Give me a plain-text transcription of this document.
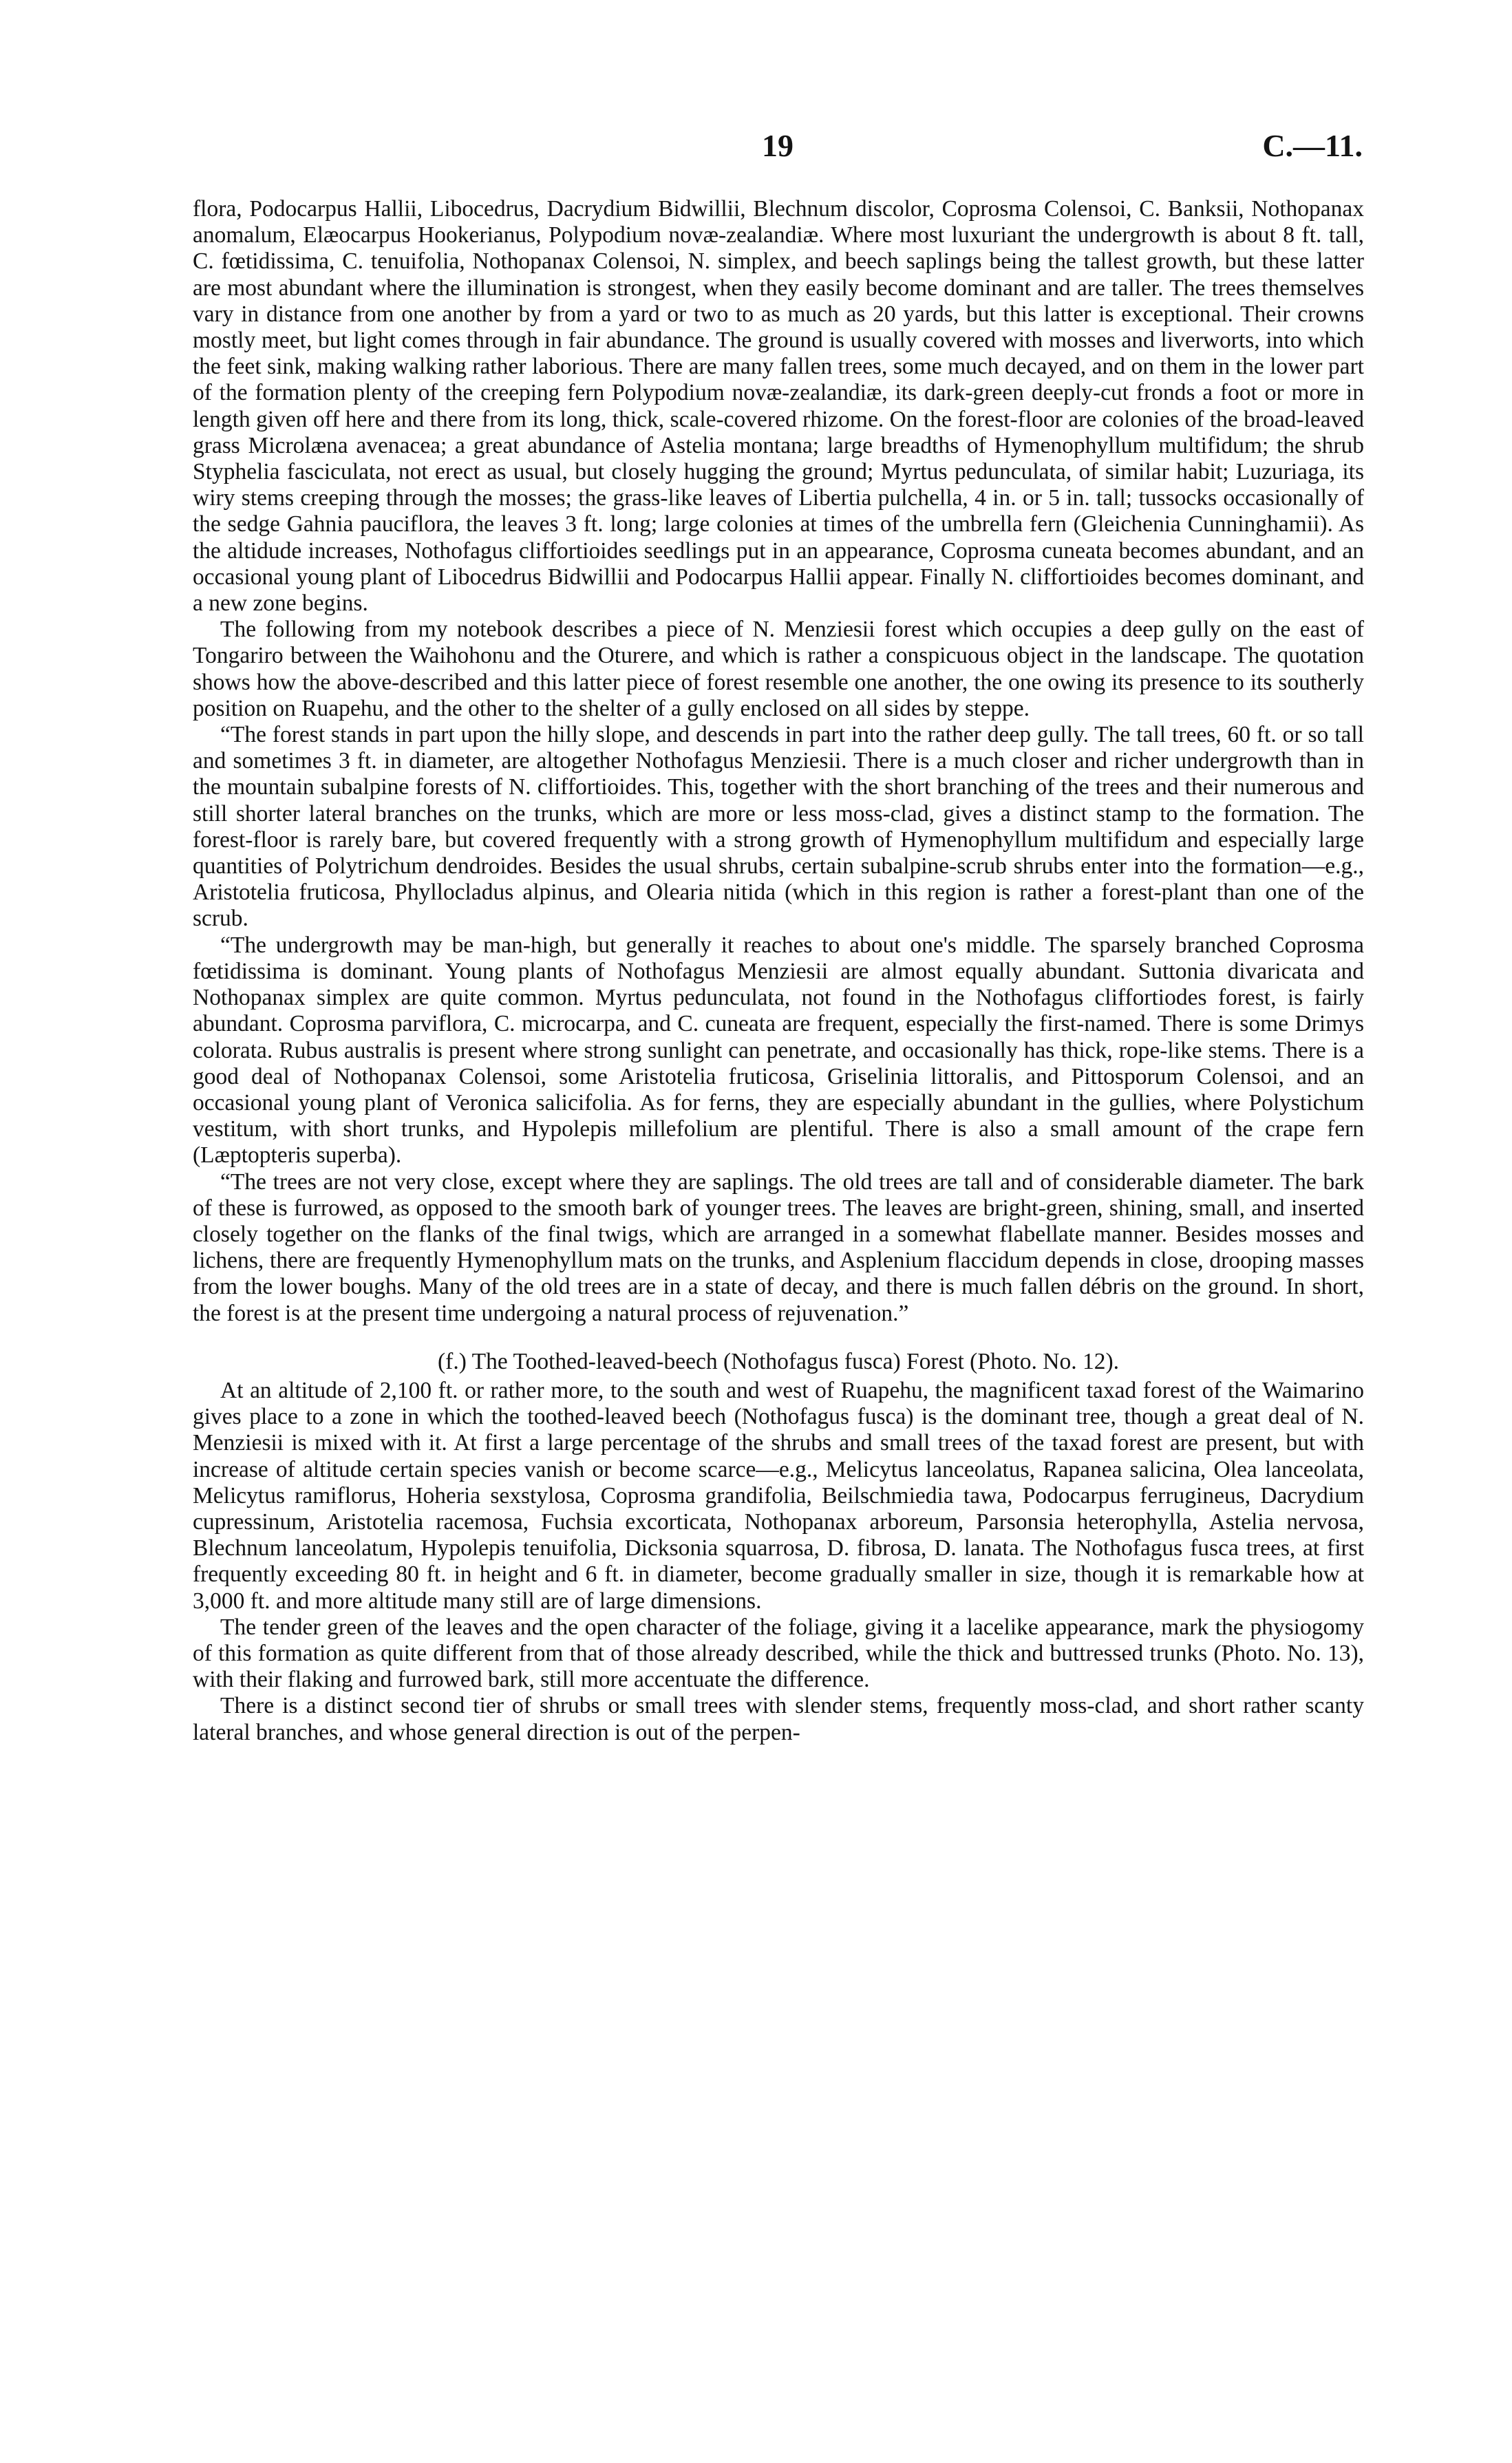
19	C.—11.

flora, Podocarpus Hallii, Libocedrus, Dacrydium Bidwillii, Blechnum discolor, Coprosma Colensoi, C. Banksii, Nothopanax anomalum, Elæocarpus Hookerianus, Polypodium novæ-zealandiæ. Where most luxuriant the undergrowth is about 8 ft. tall, C. fœtidissima, C. tenuifolia, Nothopanax Colensoi, N. simplex, and beech saplings being the tallest growth, but these latter are most abundant where the illumination is strongest, when they easily become dominant and are taller. The trees themselves vary in distance from one another by from a yard or two to as much as 20 yards, but this latter is exceptional. Their crowns mostly meet, but light comes through in fair abundance. The ground is usually covered with mosses and liverworts, into which the feet sink, making walking rather laborious. There are many fallen trees, some much decayed, and on them in the lower part of the formation plenty of the creeping fern Polypodium novæ-zealandiæ, its dark-green deeply-cut fronds a foot or more in length given off here and there from its long, thick, scale-covered rhizome. On the forest-floor are colonies of the broad-leaved grass Microlæna avenacea; a great abundance of Astelia montana; large breadths of Hymenophyllum multifidum; the shrub Styphelia fasciculata, not erect as usual, but closely hugging the ground; Myrtus pedunculata, of similar habit; Luzuriaga, its wiry stems creeping through the mosses; the grass-like leaves of Libertia pulchella, 4 in. or 5 in. tall; tussocks occasionally of the sedge Gahnia pauciflora, the leaves 3 ft. long; large colonies at times of the umbrella fern (Gleichenia Cunninghamii). As the altidude increases, Nothofagus cliffortioides seedlings put in an appearance, Coprosma cuneata becomes abundant, and an occasional young plant of Libocedrus Bidwillii and Podocarpus Hallii appear. Finally N. cliffortioides becomes dominant, and a new zone begins.

The following from my notebook describes a piece of N. Menziesii forest which occupies a deep gully on the east of Tongariro between the Waihohonu and the Oturere, and which is rather a conspicuous object in the landscape. The quotation shows how the above-described and this latter piece of forest resemble one another, the one owing its presence to its southerly position on Ruapehu, and the other to the shelter of a gully enclosed on all sides by steppe.

“The forest stands in part upon the hilly slope, and descends in part into the rather deep gully. The tall trees, 60 ft. or so tall and sometimes 3 ft. in diameter, are altogether Nothofagus Menziesii. There is a much closer and richer undergrowth than in the mountain subalpine forests of N. cliffortioides. This, together with the short branching of the trees and their numerous and still shorter lateral branches on the trunks, which are more or less moss-clad, gives a distinct stamp to the formation. The forest-floor is rarely bare, but covered frequently with a strong growth of Hymenophyllum multifidum and especially large quantities of Polytrichum dendroides. Besides the usual shrubs, certain subalpine-scrub shrubs enter into the formation—e.g., Aristotelia fruticosa, Phyllocladus alpinus, and Olearia nitida (which in this region is rather a forest-plant than one of the scrub.

“The undergrowth may be man-high, but generally it reaches to about one's middle. The sparsely branched Coprosma fœtidissima is dominant. Young plants of Nothofagus Menziesii are almost equally abundant. Suttonia divaricata and Nothopanax simplex are quite common. Myrtus pedunculata, not found in the Nothofagus cliffortiodes forest, is fairly abundant. Coprosma parviflora, C. microcarpa, and C. cuneata are frequent, especially the first-named. There is some Drimys colorata. Rubus australis is present where strong sunlight can penetrate, and occasionally has thick, rope-like stems. There is a good deal of Nothopanax Colensoi, some Aristotelia fruticosa, Griselinia littoralis, and Pittosporum Colensoi, and an occasional young plant of Veronica salicifolia. As for ferns, they are especially abundant in the gullies, where Polystichum vestitum, with short trunks, and Hypolepis millefolium are plentiful. There is also a small amount of the crape fern (Læptopteris superba).

“The trees are not very close, except where they are saplings. The old trees are tall and of considerable diameter. The bark of these is furrowed, as opposed to the smooth bark of younger trees. The leaves are bright-green, shining, small, and inserted closely together on the flanks of the final twigs, which are arranged in a somewhat flabellate manner. Besides mosses and lichens, there are frequently Hymenophyllum mats on the trunks, and Asplenium flaccidum depends in close, drooping masses from the lower boughs. Many of the old trees are in a state of decay, and there is much fallen débris on the ground. In short, the forest is at the present time undergoing a natural process of rejuvenation.”

(f.) The Toothed-leaved-beech (Nothofagus fusca) Forest (Photo. No. 12).

At an altitude of 2,100 ft. or rather more, to the south and west of Ruapehu, the magnificent taxad forest of the Waimarino gives place to a zone in which the toothed-leaved beech (Nothofagus fusca) is the dominant tree, though a great deal of N. Menziesii is mixed with it. At first a large percentage of the shrubs and small trees of the taxad forest are present, but with increase of altitude certain species vanish or become scarce—e.g., Melicytus lanceolatus, Rapanea salicina, Olea lanceolata, Melicytus ramiflorus, Hoheria sexstylosa, Coprosma grandifolia, Beilschmiedia tawa, Podocarpus ferrugineus, Dacrydium cupressinum, Aristotelia racemosa, Fuchsia excorticata, Nothopanax arboreum, Parsonsia heterophylla, Astelia nervosa, Blechnum lanceolatum, Hypolepis tenuifolia, Dicksonia squarrosa, D. fibrosa, D. lanata. The Nothofagus fusca trees, at first frequently exceeding 80 ft. in height and 6 ft. in diameter, become gradually smaller in size, though it is remarkable how at 3,000 ft. and more altitude many still are of large dimensions.

The tender green of the leaves and the open character of the foliage, giving it a lacelike appearance, mark the physiogomy of this formation as quite different from that of those already described, while the thick and buttressed trunks (Photo. No. 13), with their flaking and furrowed bark, still more accentuate the difference.

There is a distinct second tier of shrubs or small trees with slender stems, frequently moss-clad, and short rather scanty lateral branches, and whose general direction is out of the perpen-
